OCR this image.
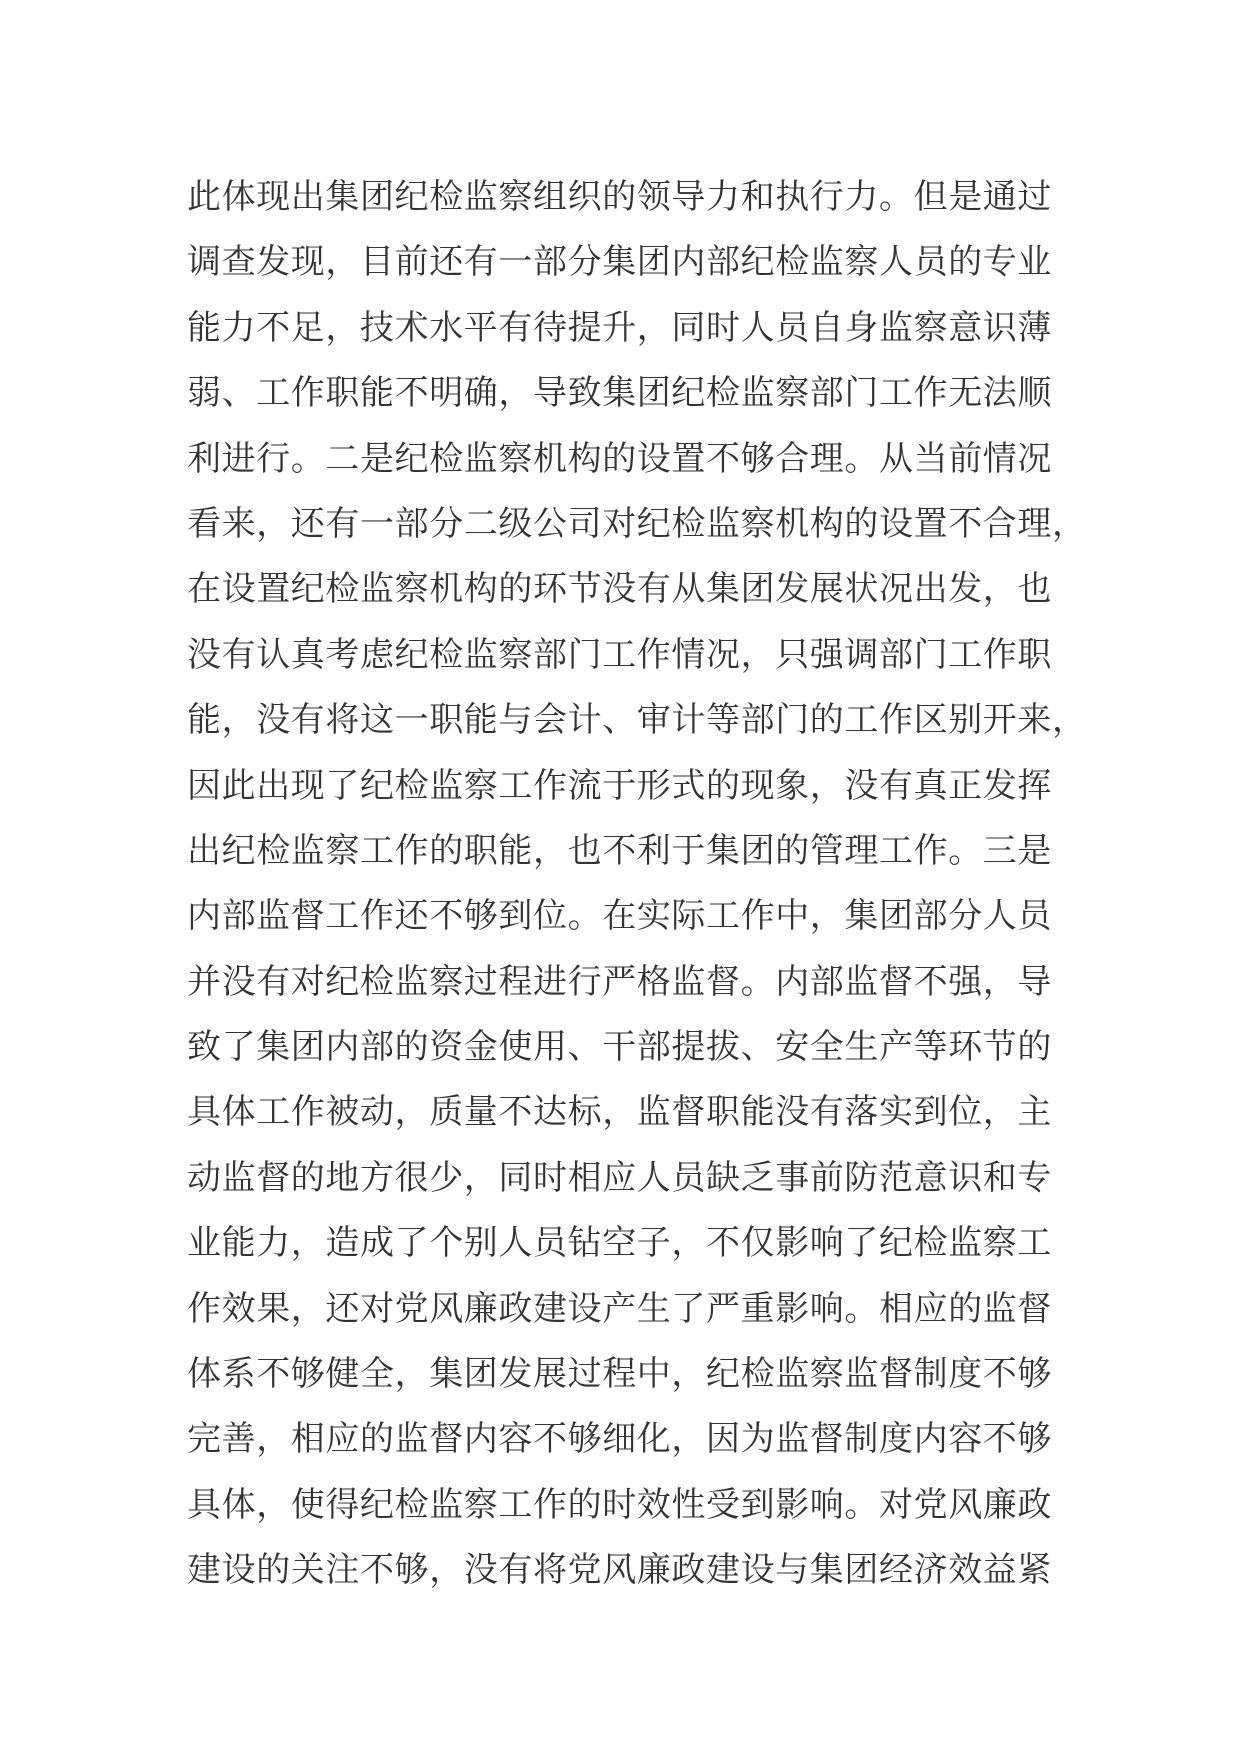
此体现出集团纪检监察组织的领导力和执行力。但是通过
调查发现，目前还有一部分集团内部纪检监察人员的专业
能力不足，技术水平有待提升，同时人员自身监察意识薄
弱、工作职能不明确，导致集团纪检监察部门工作无法顺
利进行。二是纪检监察机构的设置不够合理。从当前情况
看来，还有一部分二级公司对纪检监察机构的设置不合理，
在设置纪检监察机构的环节没有从集团发展状况出发，也
没有认真考虑纪检监察部门工作情况，只强调部门工作职
能，没有将这一职能与会计、审计等部门的工作区别开来，
因此出现了纪检监察工作流于形式的现象，没有真正发挥
出纪检监察工作的职能，也不利于集团的管理工作。三是
内部监督工作还不够到位。在实际工作中，集团部分人员
并没有对纪检监察过程进行严格监督。内部监督不强，导
致了集团内部的资金使用、干部提拔、安全生产等环节的
具体工作被动，质量不达标，监督职能没有落实到位，主
动监督的地方很少，同时相应人员缺乏事前防范意识和专
业能力，造成了个别人员钻空子，不仅影响了纪检监察工
作效果，还对党风廉政建设产生了严重影响。相应的监督
体系不够健全，集团发展过程中，纪检监察监督制度不够
完善，相应的监督内容不够细化，因为监督制度内容不够
具体，使得纪检监察工作的时效性受到影响。对党风廉政
建设的关注不够，没有将党风廉政建设与集团经济效益紧
